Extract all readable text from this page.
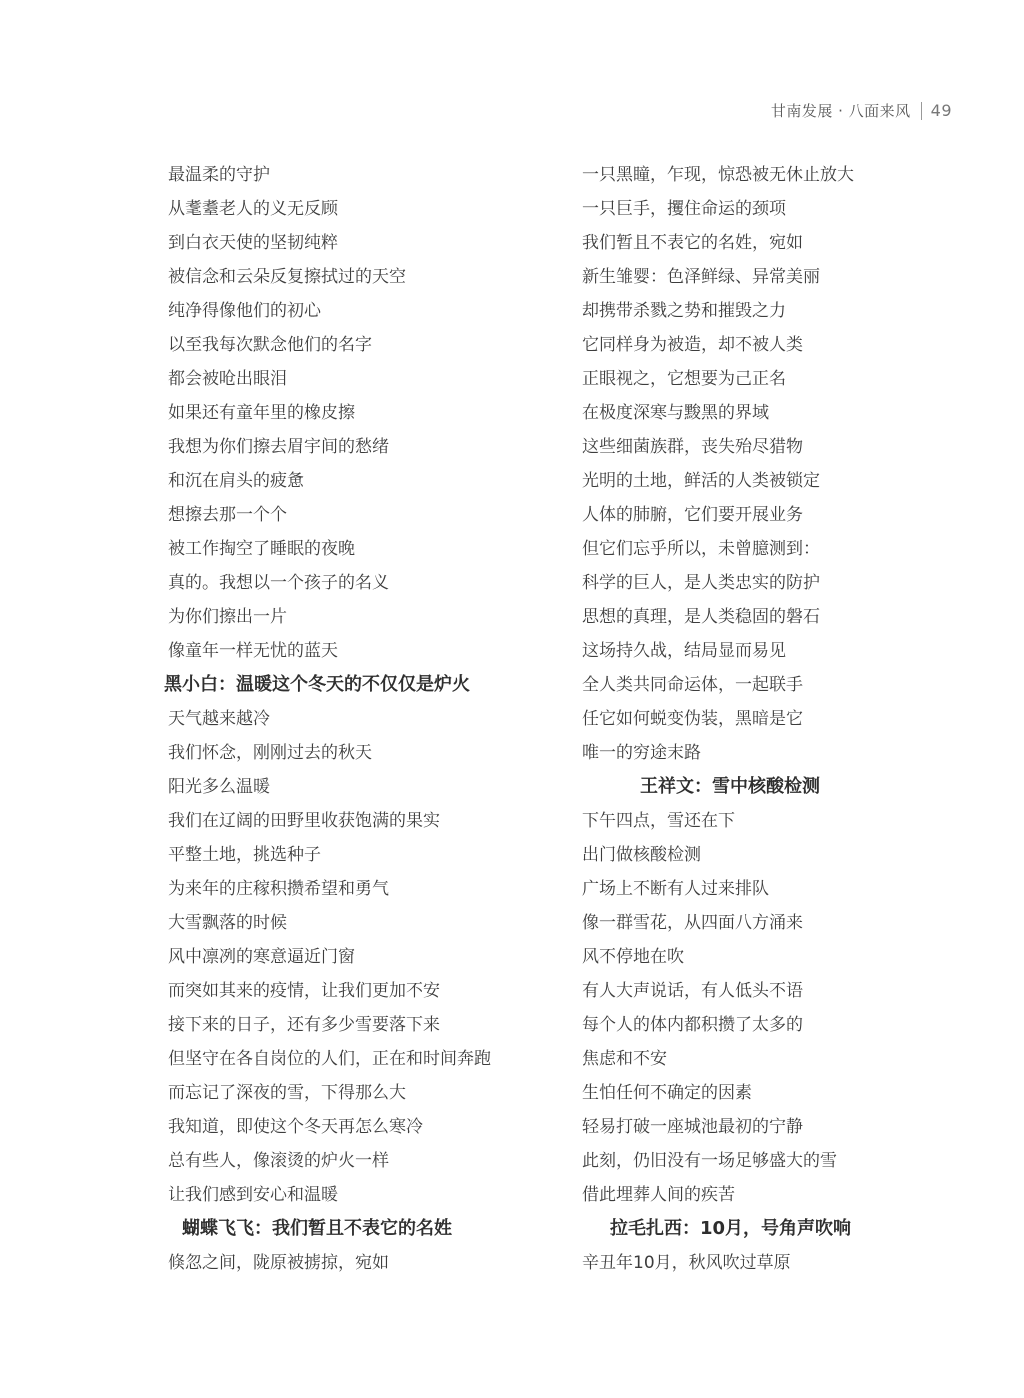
甘南发展 · 八面来风 49
最温柔的守护
从耄耋老人的义无反顾
到白衣天使的坚韧纯粹
被信念和云朵反复擦拭过的天空
纯净得像他们的初心
以至我每次默念他们的名字
都会被呛出眼泪
如果还有童年里的橡皮擦
我想为你们擦去眉宇间的愁绪
和沉在肩头的疲惫
想擦去那一个个
被工作掏空了睡眠的夜晚
真的。我想以一个孩子的名义
为你们擦出一片
像童年一样无忧的蓝天
黑小白：温暖这个冬天的不仅仅是炉火
天气越来越冷
我们怀念，刚刚过去的秋天
阳光多么温暖
我们在辽阔的田野里收获饱满的果实
平整土地，挑选种子
为来年的庄稼积攒希望和勇气
大雪飘落的时候
风中凛冽的寒意逼近门窗
而突如其来的疫情，让我们更加不安
接下来的日子，还有多少雪要落下来
但坚守在各自岗位的人们，正在和时间奔跑
而忘记了深夜的雪，下得那么大
我知道，即使这个冬天再怎么寒冷
总有些人，像滚烫的炉火一样
让我们感到安心和温暖
蝴蝶飞飞：我们暂且不表它的名姓
倏忽之间，陇原被掳掠，宛如
一只黑瞳，乍现，惊恐被无休止放大
一只巨手，攫住命运的颈项
我们暂且不表它的名姓，宛如
新生雏婴：色泽鲜绿、异常美丽
却携带杀戮之势和摧毁之力
它同样身为被造，却不被人类
正眼视之，它想要为己正名
在极度深寒与黢黑的界域
这些细菌族群，丧失殆尽猎物
光明的土地，鲜活的人类被锁定
人体的肺腑，它们要开展业务
但它们忘乎所以，未曾臆测到：
科学的巨人，是人类忠实的防护
思想的真理，是人类稳固的磐石
这场持久战，结局显而易见
全人类共同命运体，一起联手
任它如何蜕变伪装，黑暗是它
唯一的穷途末路
王祥文：雪中核酸检测
下午四点，雪还在下
出门做核酸检测
广场上不断有人过来排队
像一群雪花，从四面八方涌来
风不停地在吹
有人大声说话，有人低头不语
每个人的体内都积攒了太多的
焦虑和不安
生怕任何不确定的因素
轻易打破一座城池最初的宁静
此刻，仍旧没有一场足够盛大的雪
借此埋葬人间的疾苦
拉毛扎西：10月，号角声吹响
辛丑年10月，秋风吹过草原
